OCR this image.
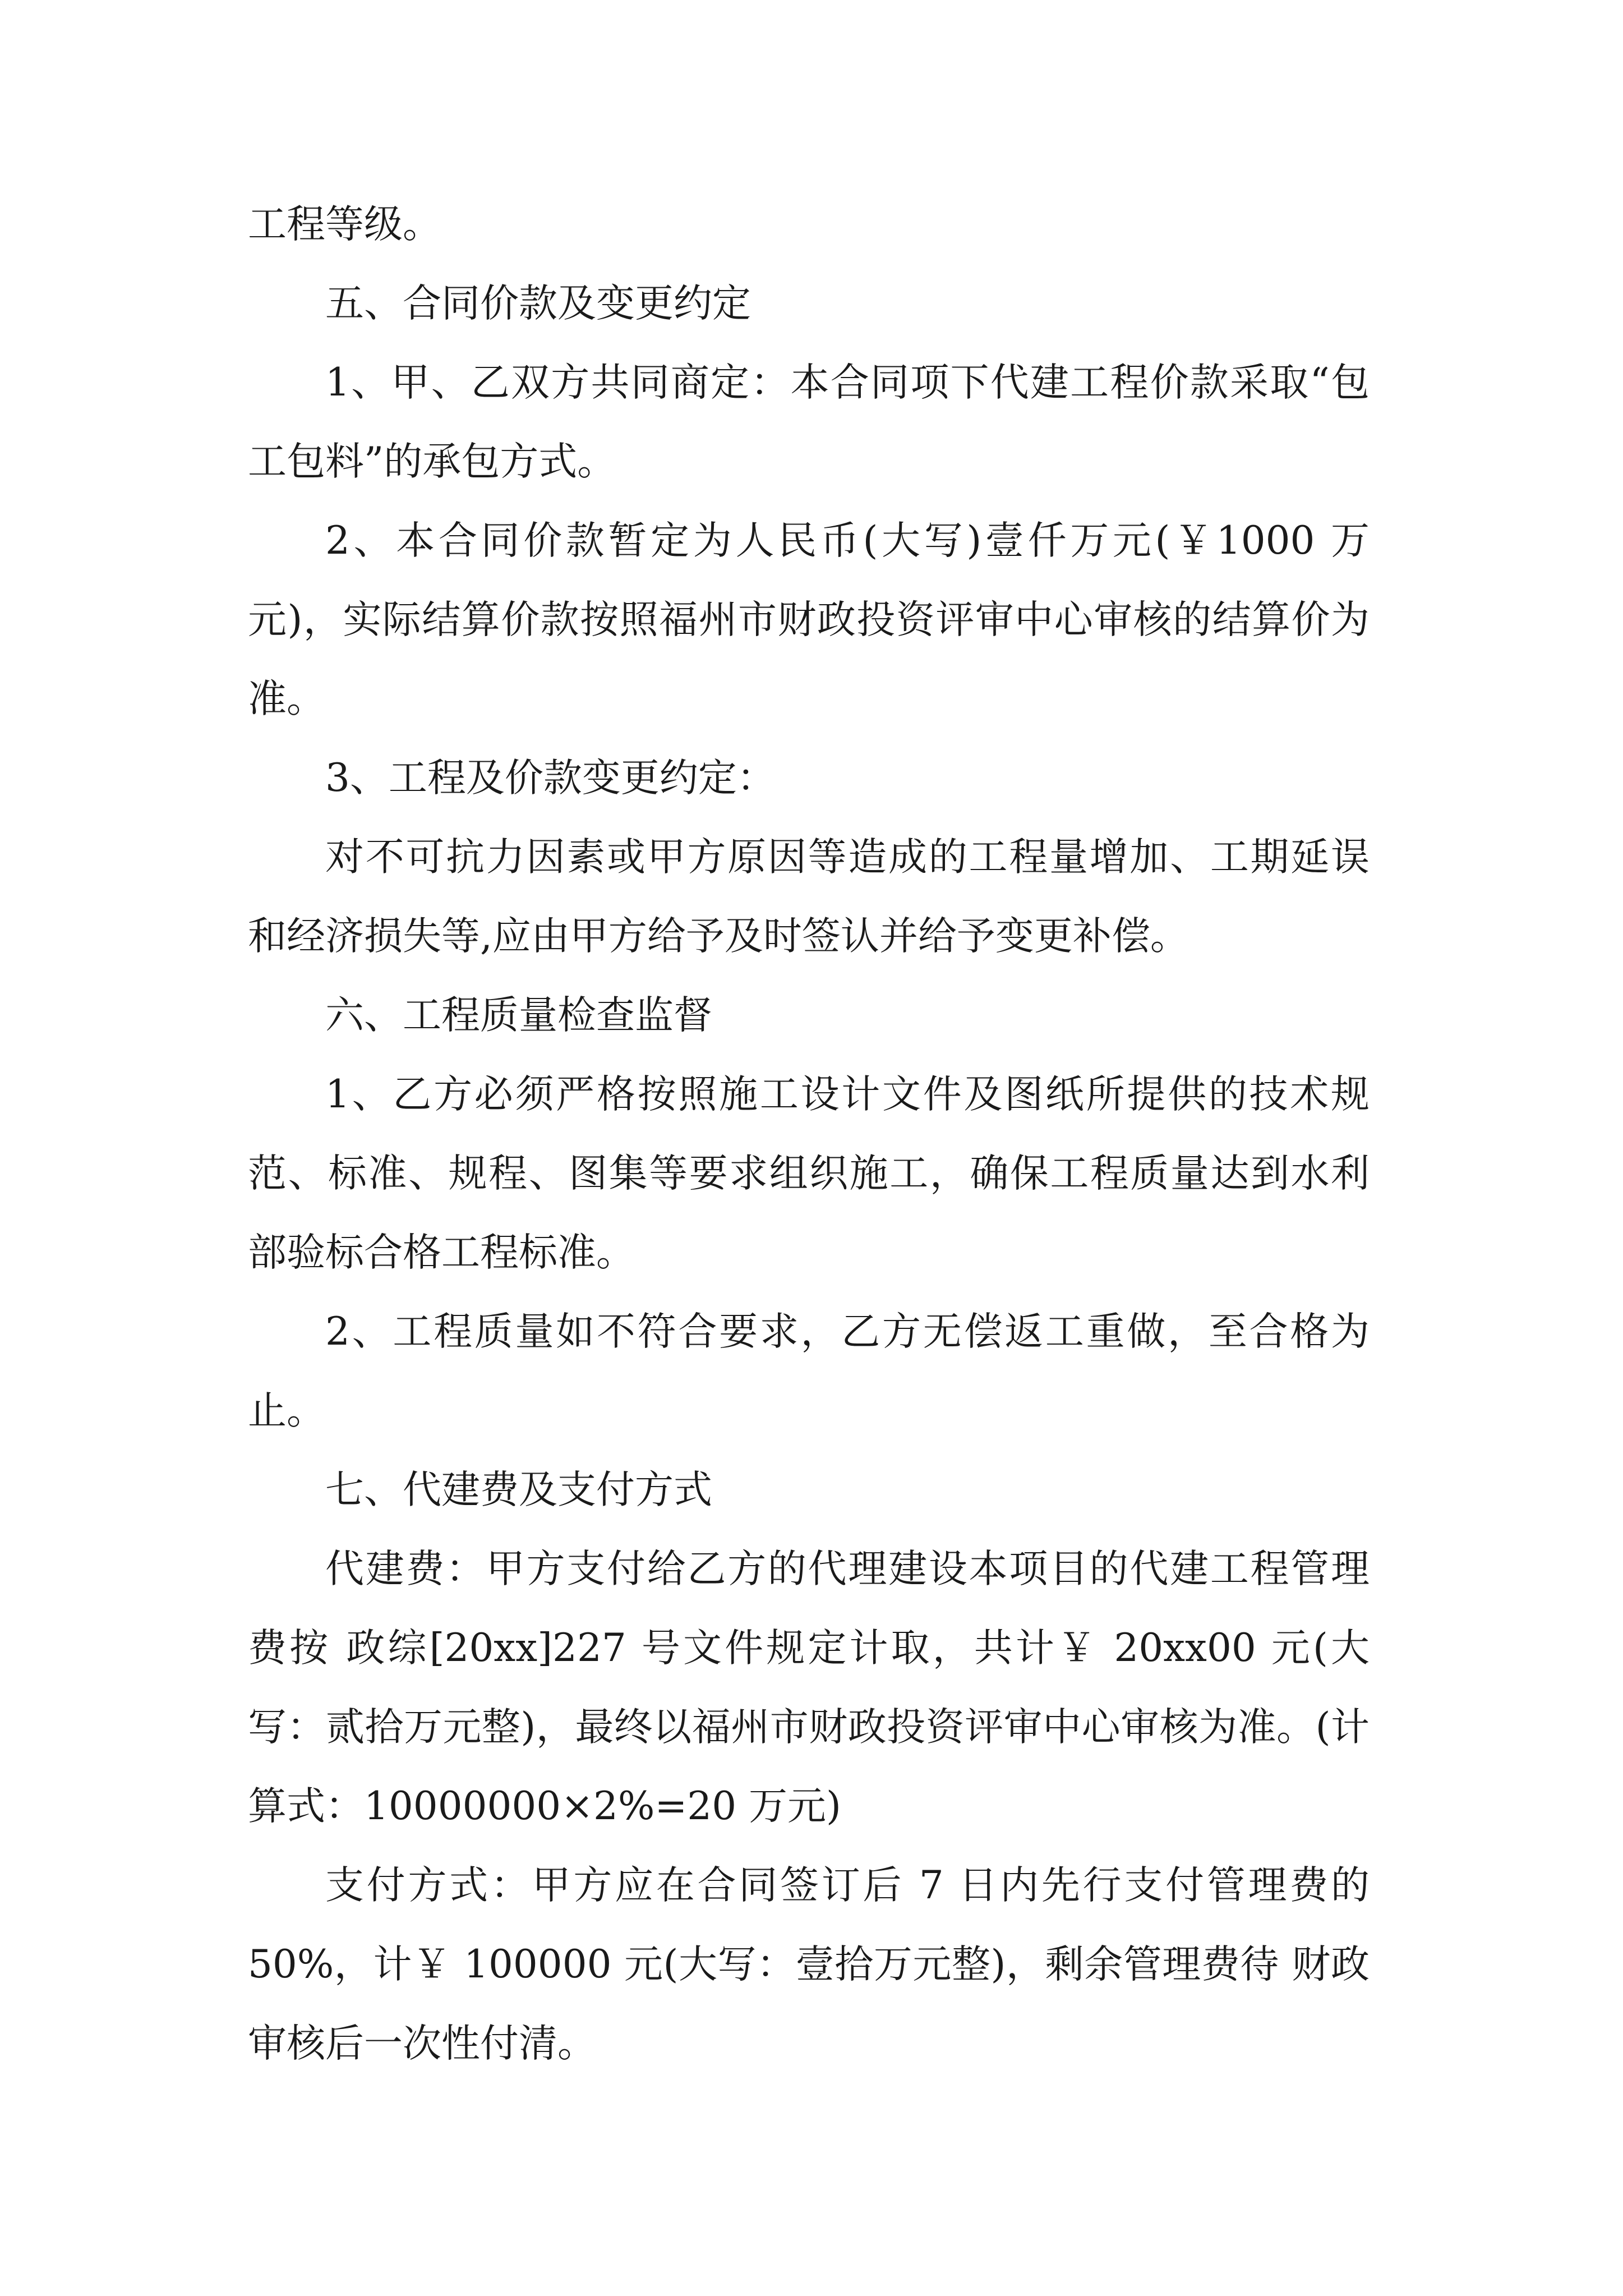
工程等级。

五、合同价款及变更约定

1、甲、乙双方共同商定：本合同项下代建工程价款采取“包工包料”的承包方式。

2、本合同价款暂定为人民币(大写)壹仟万元(￥1000 万元)，实际结算价款按照福州市财政投资评审中心审核的结算价为准。

3、工程及价款变更约定：

对不可抗力因素或甲方原因等造成的工程量增加、工期延误和经济损失等,应由甲方给予及时签认并给予变更补偿。

六、工程质量检查监督

1、乙方必须严格按照施工设计文件及图纸所提供的技术规范、标准、规程、图集等要求组织施工，确保工程质量达到水利部验标合格工程标准。

2、工程质量如不符合要求，乙方无偿返工重做，至合格为止。

七、代建费及支付方式

代建费：甲方支付给乙方的代理建设本项目的代建工程管理费按 政综[20xx]227 号文件规定计取，共计￥ 20xx00 元(大写：贰拾万元整)，最终以福州市财政投资评审中心审核为准。(计算式：10000000×2%=20 万元)

支付方式：甲方应在合同签订后 7 日内先行支付管理费的 50%，计￥ 100000 元(大写：壹拾万元整)，剩余管理费待 财政审核后一次性付清。
